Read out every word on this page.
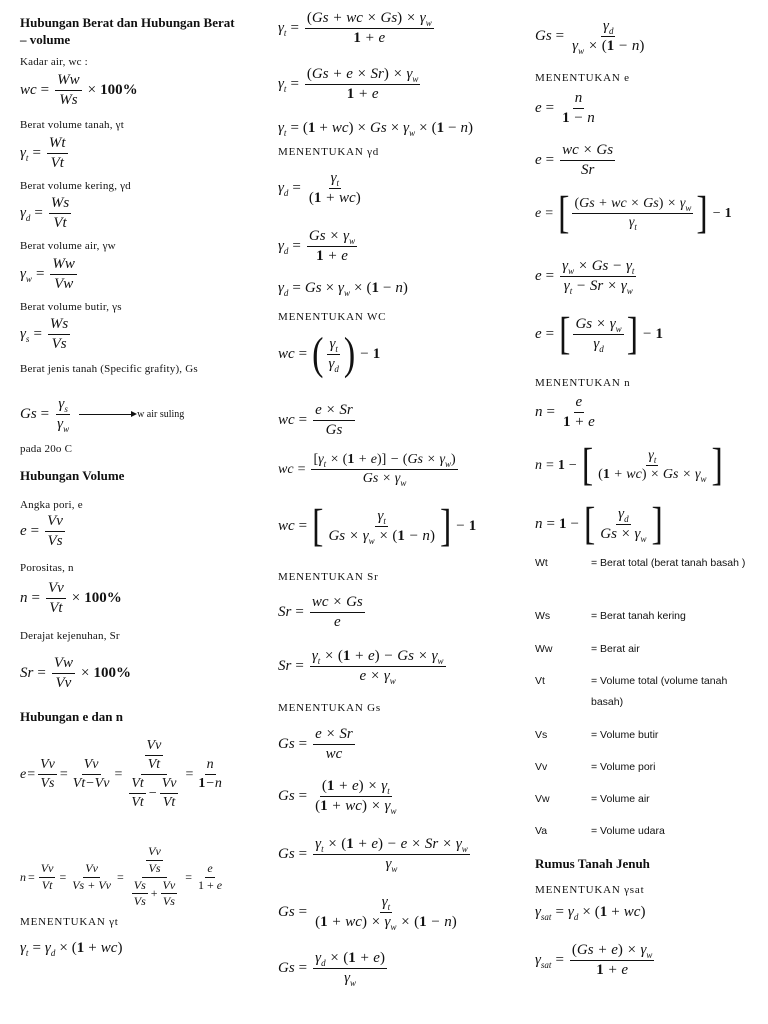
Hubungan Berat dan Hubungan Berat – volume
Kadar air, wc :
wc = $\frac{Ww}{Ws} \times 100\%$
Berat volume tanah, γt
$\gamma_t = \frac{Wt}{Vt}$
Berat volume kering, γd
$\gamma_d = \frac{Ws}{Vt}$
Berat volume air, γw
$\gamma_w = \frac{Ww}{Vw}$
Berat volume butir, γs
$\gamma_s = \frac{Ws}{Vs}$
Berat jenis tanah (Specific grafity), Gs
$Gs = \frac{\gamma_s}{\gamma_w}$	w air suling
pada 20o C
Hubungan Volume
Angka pori, e
$e = \frac{Vv}{Vs}$
Porositas, n
$n = \frac{Vv}{Vt} \times 100\%$
Derajat kejenuhan, Sr
$Sr = \frac{Vw}{Vv} \times 100\%$
Hubungan e dan n
$e = \frac{Vv}{Vs} = \frac{Vv}{Vt-Vv} = \frac{\frac{Vv}{Vt}}{\frac{Vt}{Vt} - \frac{Vv}{Vt}} = \frac{n}{1-n}$
$n = \frac{Vv}{Vt} = \frac{Vv}{Vs + Vv} = \frac{\frac{Vv}{Vs}}{\frac{Vs}{Vs} + \frac{Vv}{Vs}} = \frac{e}{1 + e}$
MENENTUKAN γt
$\gamma_t = \gamma_d$ × ( 1 + wc )
$\gamma_t = \frac{(Gs + wc \times Gs) \times \gamma_w}{1 + e}$
$\gamma_t = \frac{(Gs + e \times Sr) \times \gamma_w}{1 + e}$
$\gamma_t$ = ( 1 + wc ) × Gs × γ w × ( 1 − n )
MENENTUKAN γd
$\gamma_d = \frac{\gamma_t}{(1 + wc)}$
$\gamma_d = \frac{Gs \times \gamma_w}{1 + e}$
$\gamma_d = Gs \times \gamma$ w × ( 1 − n )
MENENTUKAN WC
wc = ( $\frac{\gamma_t}{\gamma_d}$ ) − 1
wc = $\frac{e \times Sr}{Gs}$
wc = $\frac{[\gamma_t \times (1 + e)] - (Gs \times \gamma_w)}{Gs \times \gamma_w}$
wc = [ $\frac{\gamma_t}{Gs \times \gamma_w \times (1 - n)}$ ] − 1
MENENTUKAN Sr
$Sr = \frac{wc \times Gs}{e}$
$Sr = \frac{\gamma_t \times (1 + e) - Gs \times \gamma_w}{e \times \gamma_w}$
MENENTUKAN Gs
$Gs = \frac{e \times Sr}{wc}$
$Gs = \frac{(1 + e) \times \gamma_t}{(1 + wc) \times \gamma_w}$
$Gs = \frac{\gamma_t \times (1 + e) - e \times Sr \times \gamma_w}{\gamma_w}$
$Gs = \frac{\gamma_t}{(1 + wc) \times \gamma_w \times (1 - n)}$
$Gs = \frac{\gamma_d \times (1 + e)}{\gamma_w}$
$Gs = \frac{\gamma_d}{\gamma_w \times (1 - n)}$
MENENTUKAN e
$e = \frac{n}{1 - n}$
$e = \frac{wc \times Gs}{Sr}$
e = [ $\frac{(Gs + wc \times Gs) \times \gamma_w}{\gamma_t}$ ] − 1
$e = \frac{\gamma_w \times Gs - \gamma_t}{\gamma_t - Sr \times \gamma_w}$
e = [ $\frac{Gs \times \gamma_w}{\gamma_d}$ ] − 1
MENENTUKAN n
$n = \frac{e}{1 + e}$
n = 1 − [ $\frac{\gamma_t}{(1 + wc) \times Gs \times \gamma_w}$ ]
n = 1 − [ $\frac{\gamma_d}{Gs \times \gamma_w}$ ]
Wt	= Berat total (berat tanah basah )
Ws	= Berat tanah kering
Ww	= Berat air
Vt	= Volume total (volume tanah basah)
Vs	= Volume butir
Vv	= Volume pori
Vw	= Volume air
Va	= Volume udara
Rumus Tanah Jenuh
MENENTUKAN γsat
$\gamma_{sat} = \gamma_d$ × ( 1 + wc )
$\gamma_{sat} = \frac{(Gs + e) \times \gamma_w}{1 + e}$
